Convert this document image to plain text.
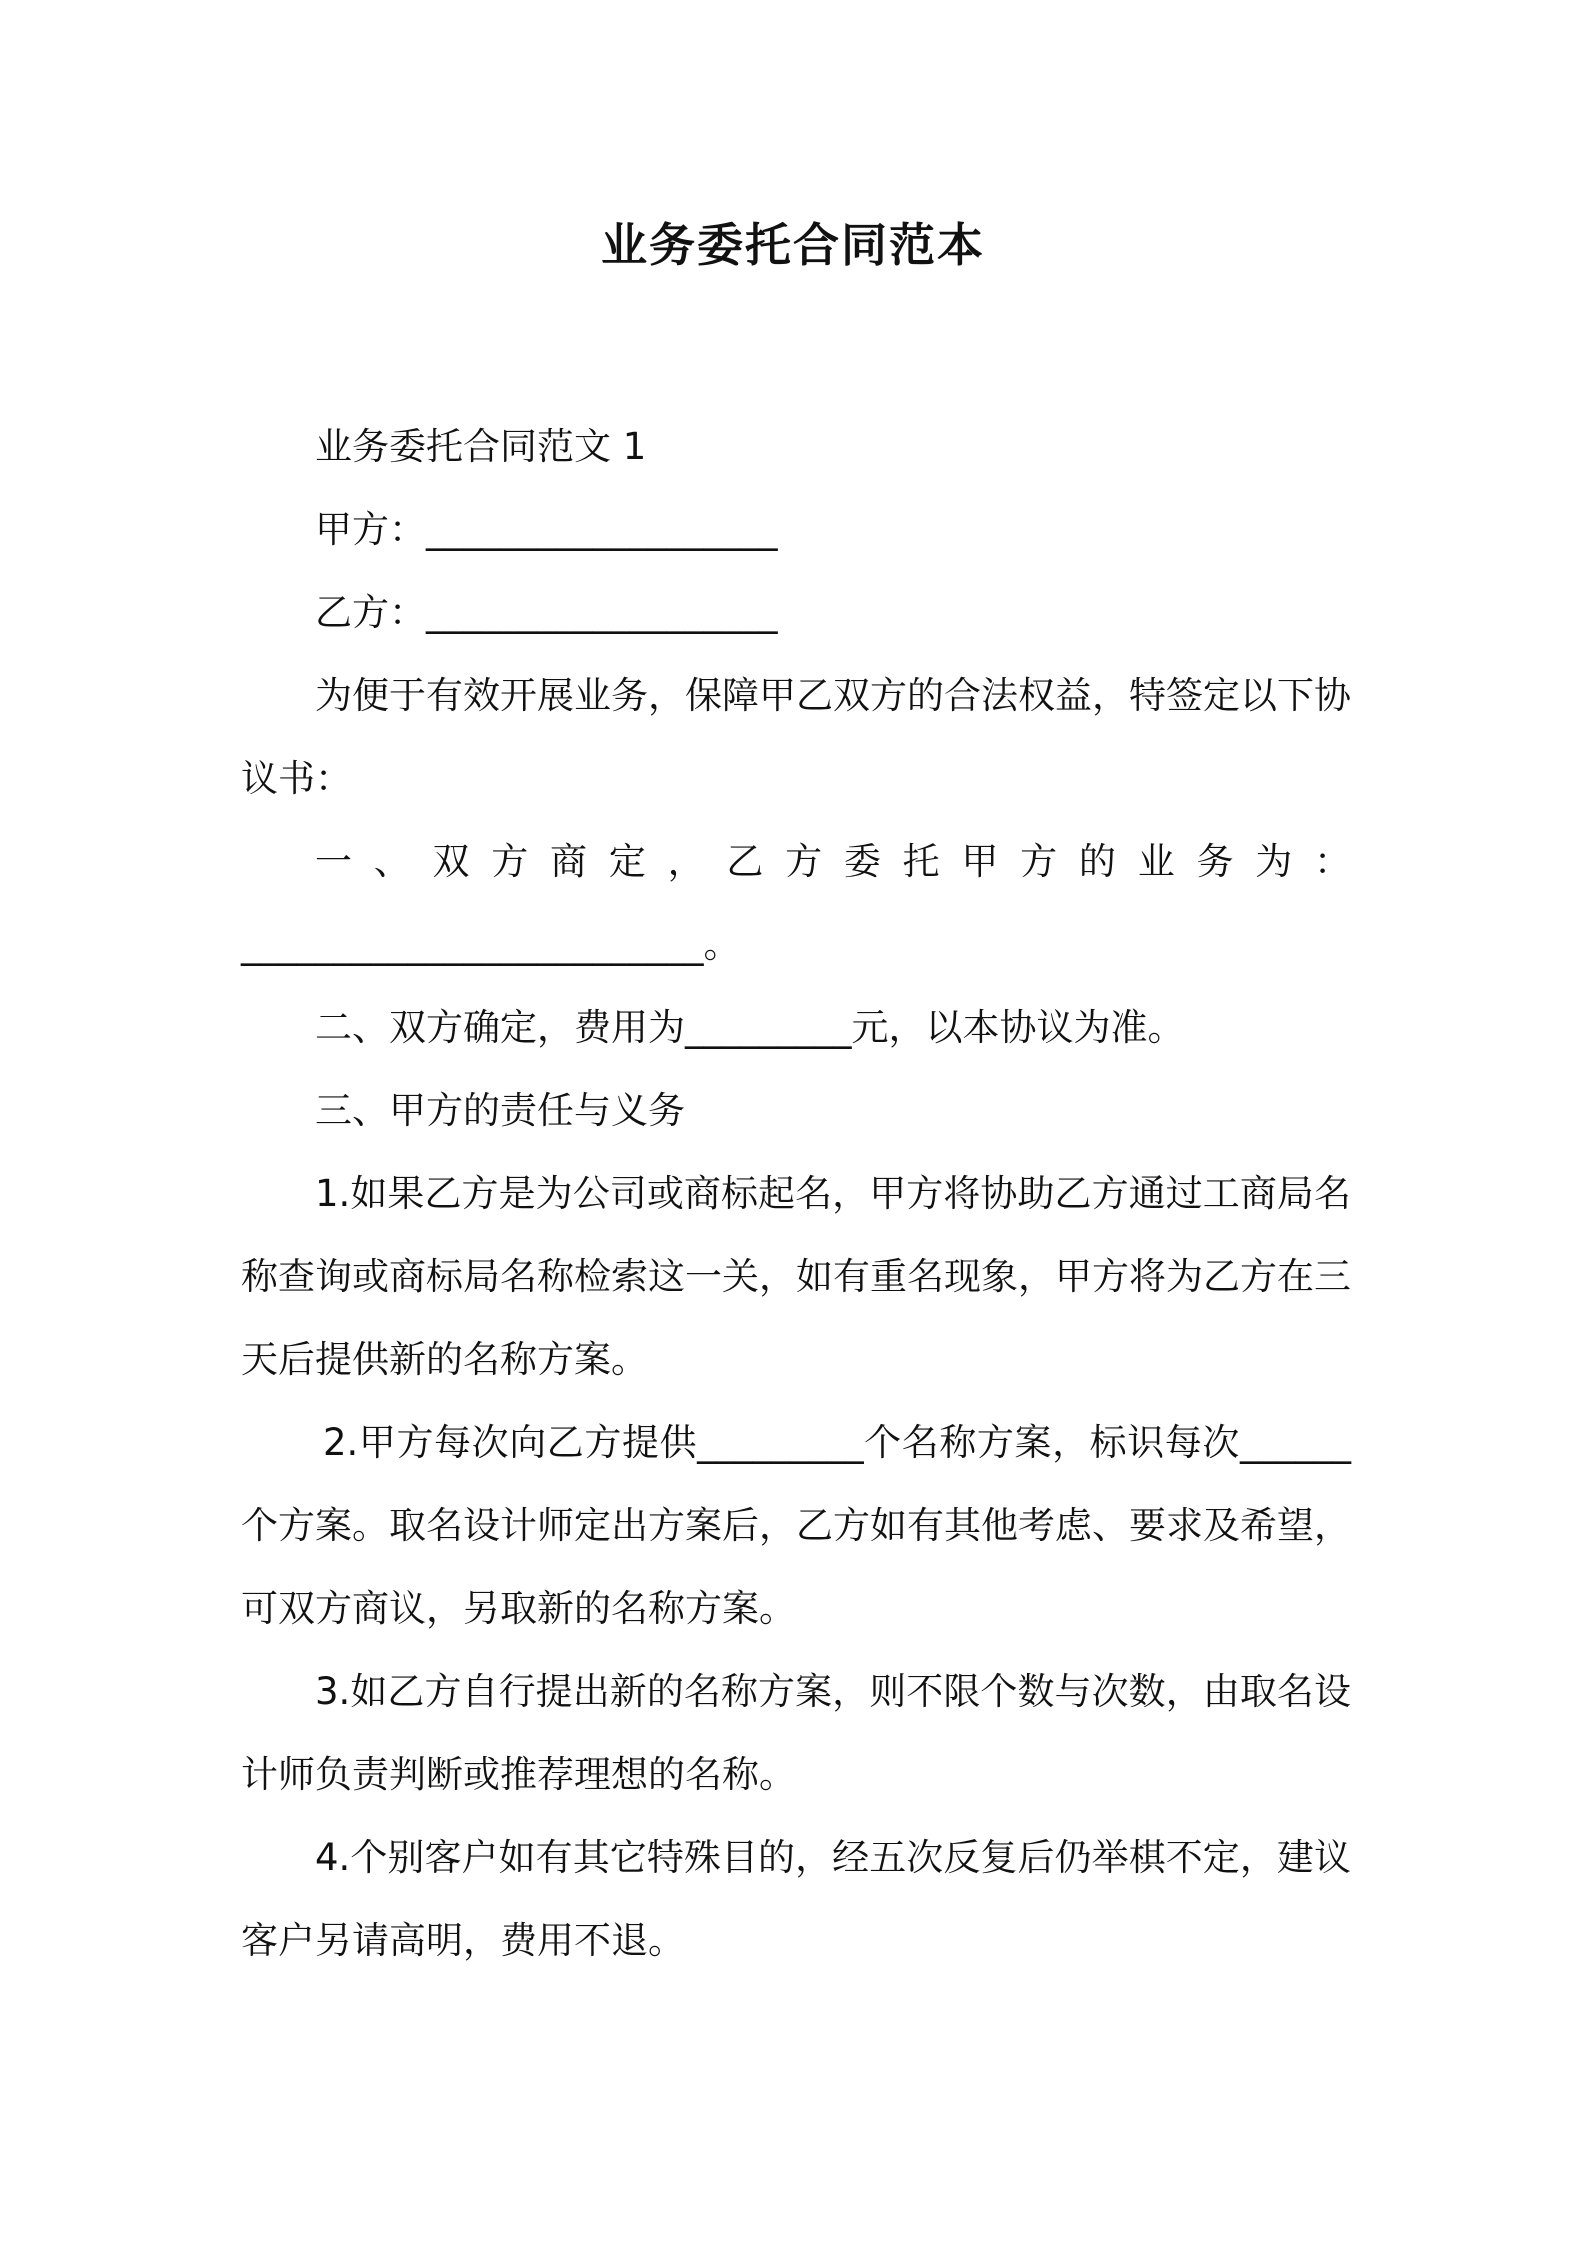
业务委托合同范本

业务委托合同范文 1

甲方：___________________

乙方：___________________

为便于有效开展业务，保障甲乙双方的合法权益，特签定以下协议书：

一 、 双 方 商 定 ， 乙 方 委 托 甲 方 的 业 务 为 ：

_________________________。

二、双方确定，费用为_________元，以本协议为准。

三、甲方的责任与义务

1.如果乙方是为公司或商标起名，甲方将协助乙方通过工商局名称查询或商标局名称检索这一关，如有重名现象，甲方将为乙方在三天后提供新的名称方案。

2.甲方每次向乙方提供_________个名称方案，标识每次______个方案。取名设计师定出方案后，乙方如有其他考虑、要求及希望，可双方商议，另取新的名称方案。

3.如乙方自行提出新的名称方案，则不限个数与次数，由取名设计师负责判断或推荐理想的名称。

4.个别客户如有其它特殊目的，经五次反复后仍举棋不定，建议客户另请高明，费用不退。
